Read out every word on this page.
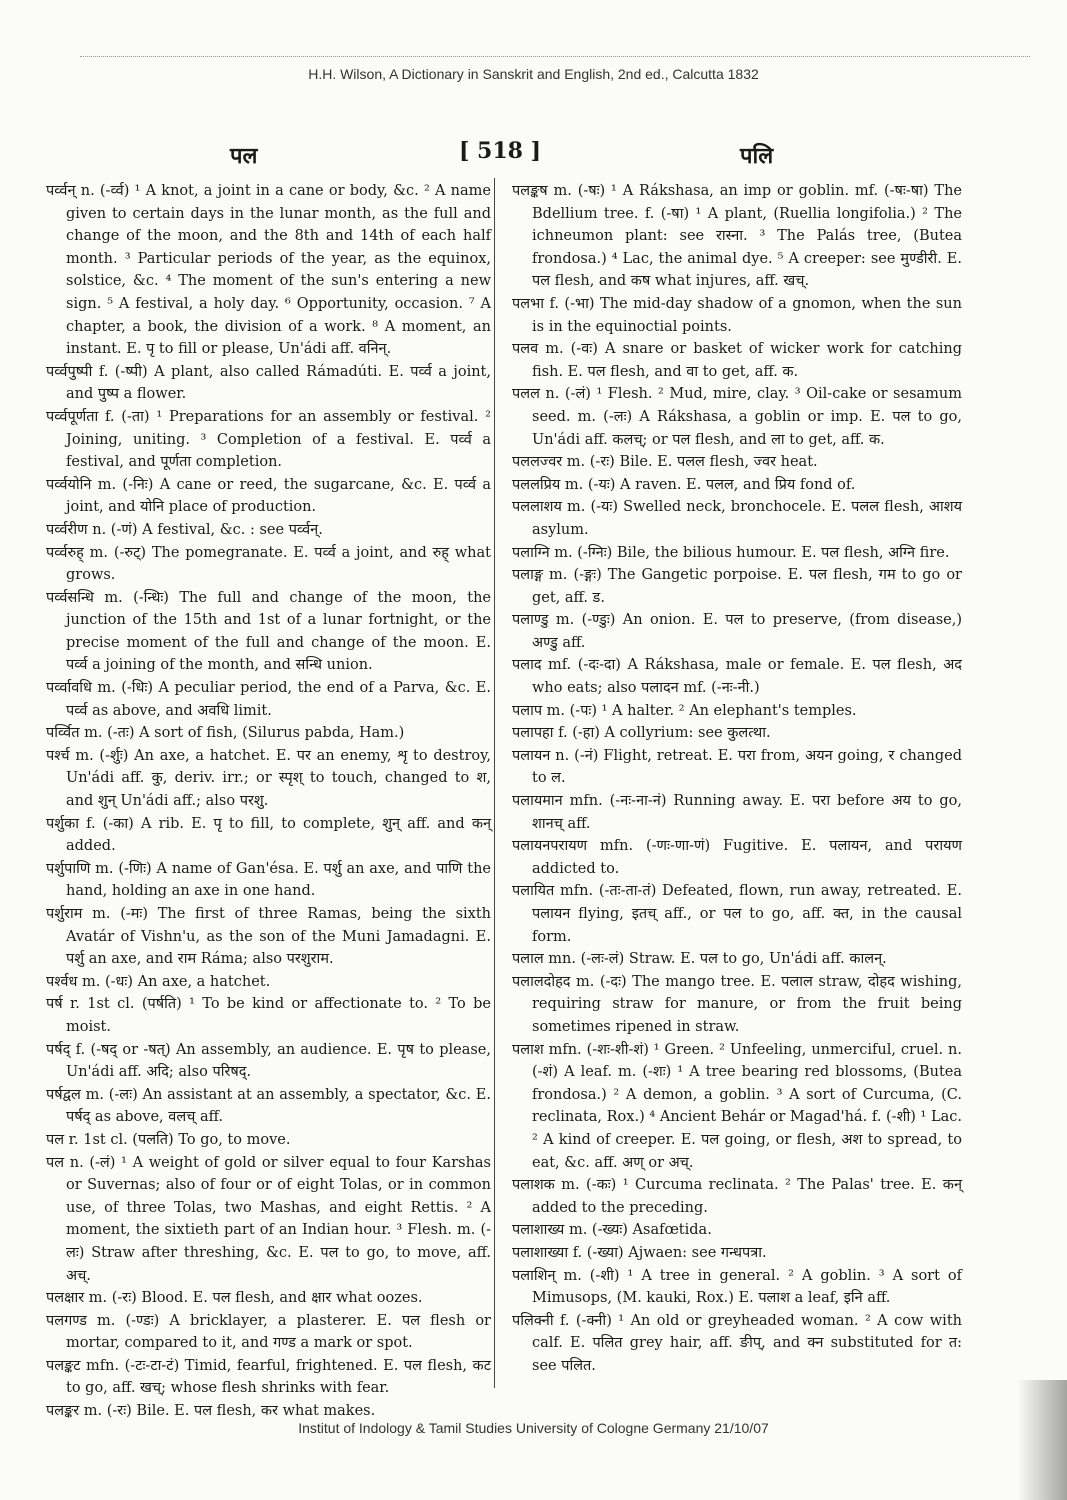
H.H. Wilson, A Dictionary in Sanskrit and English, 2nd ed., Calcutta 1832
पल	[ 518 ]	पलि

पर्व्वन् n. (-र्व्व) ¹ A knot, a joint in a cane or body, &c. ² A name given to certain days in the lunar month, as the full and change of the moon, and the 8th and 14th of each half month. ³ Particular periods of the year, as the equinox, solstice, &c. ⁴ The moment of the sun's entering a new sign. ⁵ A festival, a holy day. ⁶ Opportunity, occasion. ⁷ A chapter, a book, the division of a work. ⁸ A moment, an instant. E. पृ to fill or please, Un'ádi aff. वनिन्.

पर्व्वपुष्पी f. (-ष्पी) A plant, also called Rámadúti. E. पर्व्व a joint, and पुष्प a flower.

पर्व्वपूर्णता f. (-ता) ¹ Preparations for an assembly or festival. ² Joining, uniting. ³ Completion of a festival. E. पर्व्व a festival, and पूर्णता completion.

पर्व्वयोनि m. (-निः) A cane or reed, the sugarcane, &c. E. पर्व्व a joint, and योनि place of production.

पर्व्वरीण n. (-णं) A festival, &c. : see पर्व्वन्.

पर्व्वरुह् m. (-रुट्) The pomegranate. E. पर्व्व a joint, and रुह् what grows.

पर्व्वसन्धि m. (-न्धिः) The full and change of the moon, the junction of the 15th and 1st of a lunar fortnight, or the precise moment of the full and change of the moon. E. पर्व्व a joining of the month, and सन्धि union.

पर्व्वावधि m. (-धिः) A peculiar period, the end of a Parva, &c. E. पर्व्व as above, and अवधि limit.

पर्व्वित m. (-तः) A sort of fish, (Silurus pabda, Ham.)

पर्श्च m. (-र्शुः) An axe, a hatchet. E. पर an enemy, शृ to destroy, Un'ádi aff. कु, deriv. irr.; or स्पृश् to touch, changed to श, and शुन् Un'ádi aff.; also परशु.

पर्शुका f. (-का) A rib. E. पृ to fill, to complete, शुन् aff. and कन् added.

पर्शुपाणि m. (-णिः) A name of Gan'ésa. E. पर्शु an axe, and पाणि the hand, holding an axe in one hand.

पर्शुराम m. (-मः) The first of three Ramas, being the sixth Avatár of Vishn'u, as the son of the Muni Jamadagni. E. पर्शु an axe, and राम Ráma; also परशुराम.

पर्श्वध m. (-धः) An axe, a hatchet.

पर्ष r. 1st cl. (पर्षति) ¹ To be kind or affectionate to. ² To be moist.

पर्षद् f. (-षद् or -षत्) An assembly, an audience. E. पृष to please, Un'ádi aff. अदि; also परिषद्.

पर्षद्वल m. (-लः) An assistant at an assembly, a spectator, &c. E. पर्षद् as above, वलच् aff.

पल r. 1st cl. (पलति) To go, to move.

पल n. (-लं) ¹ A weight of gold or silver equal to four Karshas or Suvernas; also of four or of eight Tolas, or in common use, of three Tolas, two Mashas, and eight Rettis. ² A moment, the sixtieth part of an Indian hour. ³ Flesh. m. (-लः) Straw after threshing, &c. E. पल to go, to move, aff. अच्.

पलक्षार m. (-रः) Blood. E. पल flesh, and क्षार what oozes.

पलगण्ड m. (-ण्डः) A bricklayer, a plasterer. E. पल flesh or mortar, compared to it, and गण्ड a mark or spot.

पलङ्कट mfn. (-टः-टा-टं) Timid, fearful, frightened. E. पल flesh, कट to go, aff. खच्; whose flesh shrinks with fear.

पलङ्कर m. (-रः) Bile. E. पल flesh, कर what makes.

पलङ्कष m. (-षः) ¹ A Rákshasa, an imp or goblin. mf. (-षः-षा) The Bdellium tree. f. (-षा) ¹ A plant, (Ruellia longifolia.) ² The ichneumon plant: see रास्ना. ³ The Palás tree, (Butea frondosa.) ⁴ Lac, the animal dye. ⁵ A creeper: see मुण्डीरी. E. पल flesh, and कष what injures, aff. खच्.

पलभा f. (-भा) The mid-day shadow of a gnomon, when the sun is in the equinoctial points.

पलव m. (-वः) A snare or basket of wicker work for catching fish. E. पल flesh, and वा to get, aff. क.

पलल n. (-लं) ¹ Flesh. ² Mud, mire, clay. ³ Oil-cake or sesamum seed. m. (-लः) A Rákshasa, a goblin or imp. E. पल to go, Un'ádi aff. कलच्; or पल flesh, and ला to get, aff. क.

पललज्वर m. (-रः) Bile. E. पलल flesh, ज्वर heat.

पललप्रिय m. (-यः) A raven. E. पलल, and प्रिय fond of.

पललाशय m. (-यः) Swelled neck, bronchocele. E. पलल flesh, आशय asylum.

पलाग्नि m. (-ग्निः) Bile, the bilious humour. E. पल flesh, अग्नि fire.

पलाङ्ग m. (-ङ्गः) The Gangetic porpoise. E. पल flesh, गम to go or get, aff. ड.

पलाण्डु m. (-ण्डुः) An onion. E. पल to preserve, (from disease,) अण्डु aff.

पलाद mf. (-दः-दा) A Rákshasa, male or female. E. पल flesh, अद who eats; also पलादन mf. (-नः-नी.)

पलाप m. (-पः) ¹ A halter. ² An elephant's temples.

पलापहा f. (-हा) A collyrium: see कुलत्था.

पलायन n. (-नं) Flight, retreat. E. परा from, अयन going, र changed to ल.

पलायमान mfn. (-नः-ना-नं) Running away. E. परा before अय to go, शानच् aff.

पलायनपरायण mfn. (-णः-णा-णं) Fugitive. E. पलायन, and परायण addicted to.

पलायित mfn. (-तः-ता-तं) Defeated, flown, run away, retreated. E. पलायन flying, इतच् aff., or पल to go, aff. क्त, in the causal form.

पलाल mn. (-लः-लं) Straw. E. पल to go, Un'ádi aff. कालन्.

पलालदोहद m. (-दः) The mango tree. E. पलाल straw, दोहद wishing, requiring straw for manure, or from the fruit being sometimes ripened in straw.

पलाश mfn. (-शः-शी-शं) ¹ Green. ² Unfeeling, unmerciful, cruel. n. (-शं) A leaf. m. (-शः) ¹ A tree bearing red blossoms, (Butea frondosa.) ² A demon, a goblin. ³ A sort of Curcuma, (C. reclinata, Rox.) ⁴ Ancient Behár or Magad'há. f. (-शी) ¹ Lac. ² A kind of creeper. E. पल going, or flesh, अश to spread, to eat, &c. aff. अण् or अच्.

पलाशक m. (-कः) ¹ Curcuma reclinata. ² The Palas' tree. E. कन् added to the preceding.

पलाशाख्य m. (-ख्यः) Asafœtida.

पलाशाख्या f. (-ख्या) Ajwaen: see गन्धपत्रा.

पलाशिन् m. (-शी) ¹ A tree in general. ² A goblin. ³ A sort of Mimusops, (M. kauki, Rox.) E. पलाश a leaf, इनि aff.

पलिक्नी f. (-क्नी) ¹ An old or greyheaded woman. ² A cow with calf. E. पलित grey hair, aff. ङीप्, and क्न substituted for त: see पलित.

Institut of Indology & Tamil Studies University of Cologne Germany 21/10/07
